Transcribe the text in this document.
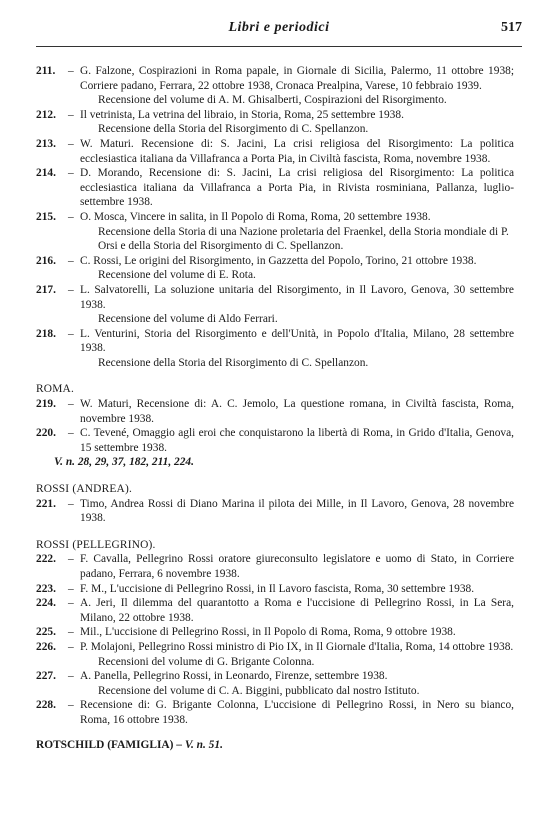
Libri e periodici	517
211.	– G. Falzone, Cospirazioni in Roma papale, in Giornale di Sicilia, Palermo, 11 ottobre 1938; Corriere padano, Ferrara, 22 ottobre 1938, Cronaca Prealpina, Varese, 10 febbraio 1939.
Recensione del volume di A. M. Ghisalberti, Cospirazioni del Risorgimento.
212.	– Il vetrinista, La vetrina del libraio, in Storia, Roma, 25 settembre 1938.
Recensione della Storia del Risorgimento di C. Spellanzon.
213.	– W. Maturi. Recensione di: S. Jacini, La crisi religiosa del Risorgimento: La politica ecclesiastica italiana da Villafranca a Porta Pia, in Civiltà fascista, Roma, novembre 1938.
214.	– D. Morando, Recensione di: S. Jacini, La crisi religiosa del Risorgimento: La politica ecclesiastica italiana da Villafranca a Porta Pia, in Rivista rosminiana, Pallanza, luglio-settembre 1938.
215.	– O. Mosca, Vincere in salita, in Il Popolo di Roma, Roma, 20 settembre 1938.
Recensione della Storia di una Nazione proletaria del Fraenkel, della Storia mondiale di P. Orsi e della Storia del Risorgimento di C. Spellanzon.
216.	– C. Rossi, Le origini del Risorgimento, in Gazzetta del Popolo, Torino, 21 ottobre 1938.
Recensione del volume di E. Rota.
217.	– L. Salvatorelli, La soluzione unitaria del Risorgimento, in Il Lavoro, Genova, 30 settembre 1938.
Recensione del volume di Aldo Ferrari.
218.	– L. Venturini, Storia del Risorgimento e dell'Unità, in Popolo d'Italia, Milano, 28 settembre 1938.
Recensione della Storia del Risorgimento di C. Spellanzon.
ROMA.
219.	– W. Maturi, Recensione di: A. C. Jemolo, La questione romana, in Civiltà fascista, Roma, novembre 1938.
220.	– C. Tevené, Omaggio agli eroi che conquistarono la libertà di Roma, in Grido d'Italia, Genova, 15 settembre 1938.
V. n. 28, 29, 37, 182, 211, 224.
ROSSI (ANDREA).
221.	– Timo, Andrea Rossi di Diano Marina il pilota dei Mille, in Il Lavoro, Genova, 28 novembre 1938.
ROSSI (PELLEGRINO).
222.	– F. Cavalla, Pellegrino Rossi oratore giureconsulto legislatore e uomo di Stato, in Corriere padano, Ferrara, 6 novembre 1938.
223.	– F. M., L'uccisione di Pellegrino Rossi, in Il Lavoro fascista, Roma, 30 settembre 1938.
224.	– A. Jeri, Il dilemma del quarantotto a Roma e l'uccisione di Pellegrino Rossi, in La Sera, Milano, 22 ottobre 1938.
225.	– Mil., L'uccisione di Pellegrino Rossi, in Il Popolo di Roma, Roma, 9 ottobre 1938.
226.	– P. Molajoni, Pellegrino Rossi ministro di Pio IX, in Il Giornale d'Italia, Roma, 14 ottobre 1938.
Recensioni del volume di G. Brigante Colonna.
227.	– A. Panella, Pellegrino Rossi, in Leonardo, Firenze, settembre 1938.
Recensione del volume di C. A. Biggini, pubblicato dal nostro Istituto.
228.	– Recensione di: G. Brigante Colonna, L'uccisione di Pellegrino Rossi, in Nero su bianco, Roma, 16 ottobre 1938.
ROTSCHILD (FAMIGLIA) – V. n. 51.
